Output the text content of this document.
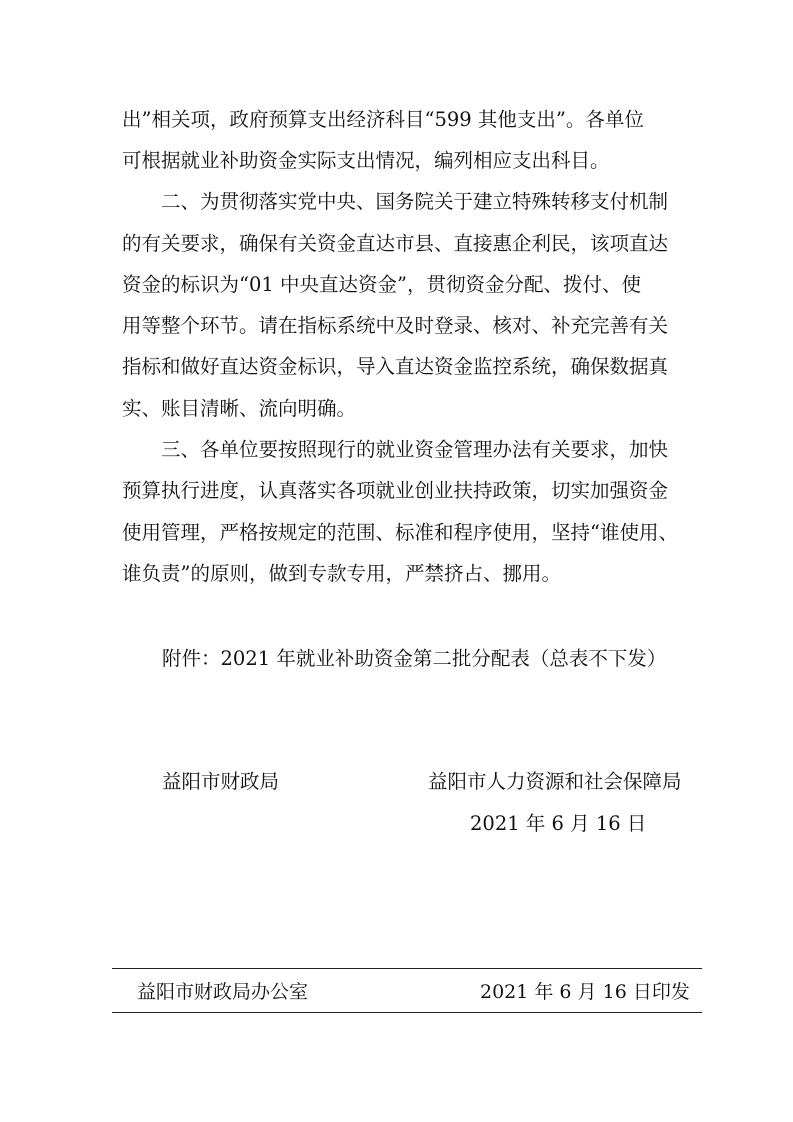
出”相关项，政府预算支出经济科目“599 其他支出”。各单位
可根据就业补助资金实际支出情况，编列相应支出科目。
　　二、为贯彻落实党中央、国务院关于建立特殊转移支付机制
的有关要求，确保有关资金直达市县、直接惠企利民，该项直达
资金的标识为“01 中央直达资金”，贯彻资金分配、拨付、使
用等整个环节。请在指标系统中及时登录、核对、补充完善有关
指标和做好直达资金标识，导入直达资金监控系统，确保数据真
实、账目清晰、流向明确。
　　三、各单位要按照现行的就业资金管理办法有关要求，加快
预算执行进度，认真落实各项就业创业扶持政策，切实加强资金
使用管理，严格按规定的范围、标准和程序使用，坚持“谁使用、
谁负责”的原则，做到专款专用，严禁挤占、挪用。
附件：2021 年就业补助资金第二批分配表（总表不下发）
益阳市财政局	益阳市人力资源和社会保障局
2021 年 6 月 16 日
益阳市财政局办公室	2021 年 6 月 16 日印发
